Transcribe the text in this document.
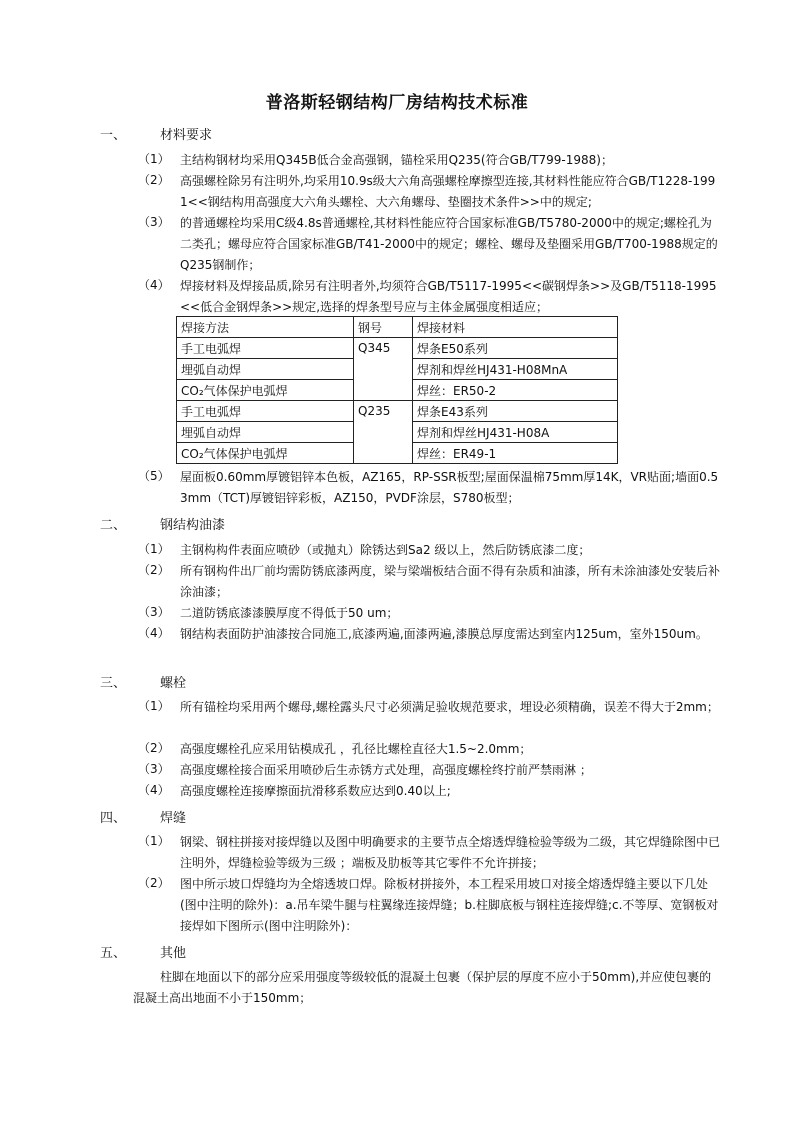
普洛斯轻钢结构厂房结构技术标准
一、	材料要求
（1） 主结构钢材均采用Q345B低合金高强钢，锚栓采用Q235(符合GB/T799-1988)；
（2） 高强螺栓除另有注明外,均采用10.9s级大六角高强螺栓摩擦型连接,其材料性能应符合GB/T1228-1991<<钢结构用高强度大六角头螺栓、大六角螺母、垫圈技术条件>>中的规定;
（3） 的普通螺栓均采用C级4.8s普通螺栓,其材料性能应符合国家标准GB/T5780-2000中的规定;螺栓孔为二类孔；螺母应符合国家标准GB/T41-2000中的规定；螺栓、螺母及垫圈采用GB/T700-1988规定的Q235钢制作；
（4） 焊接材料及焊接品质,除另有注明者外,均须符合GB/T5117-1995<<碳钢焊条>>及GB/T5118-1995<<低合金钢焊条>>规定,选择的焊条型号应与主体金属强度相适应；
焊接方法	钢号	焊接材料
手工电弧焊	Q345	焊条E50系列
埋弧自动焊		焊剂和焊丝HJ431-H08MnA
CO₂气体保护电弧焊		焊丝：ER50-2
手工电弧焊	Q235	焊条E43系列
埋弧自动焊		焊剂和焊丝HJ431-H08A
CO₂气体保护电弧焊		焊丝：ER49-1
（5） 屋面板0.60mm厚镀铝锌本色板，AZ165，RP-SSR板型;屋面保温棉75mm厚14K，VR贴面;墙面0.53mm（TCT)厚镀铝锌彩板，AZ150，PVDF涂层，S780板型；
二、	钢结构油漆
（1） 主钢构构件表面应喷砂（或抛丸）除锈达到Sa2 级以上，然后防锈底漆二度；
（2） 所有钢构件出厂前均需防锈底漆两度，梁与梁端板结合面不得有杂质和油漆，所有未涂油漆处安装后补涂油漆；
（3） 二道防锈底漆漆膜厚度不得低于50 um；
（4） 钢结构表面防护油漆按合同施工,底漆两遍,面漆两遍,漆膜总厚度需达到室内125um，室外150um。
三、	螺栓
（1） 所有锚栓均采用两个螺母,螺栓露头尺寸必须满足验收规范要求，埋设必须精确，误差不得大于2mm；
（2） 高强度螺栓孔应采用钻模成孔 ，孔径比螺栓直径大1.5~2.0mm；
（3） 高强度螺栓接合面采用喷砂后生赤锈方式处理，高强度螺栓终拧前严禁雨淋 ；
（4） 高强度螺栓连接摩擦面抗滑移系数应达到0.40以上;
四、	焊缝
（1） 钢梁、钢柱拼接对接焊缝以及图中明确要求的主要节点全熔透焊缝检验等级为二级，其它焊缝除图中已注明外，焊缝检验等级为三级 ；端板及肋板等其它零件不允许拼接；
（2） 图中所示坡口焊缝均为全熔透坡口焊。除板材拼接外，本工程采用坡口对接全熔透焊缝主要以下几处(图中注明的除外)：a.吊车梁牛腿与柱翼缘连接焊缝；b.柱脚底板与钢柱连接焊缝;c.不等厚、宽钢板对接焊如下图所示(图中注明除外)：
五、	其他
柱脚在地面以下的部分应采用强度等级较低的混凝土包裹（保护层的厚度不应小于50mm),并应使包裹的混凝土高出地面不小于150mm；
